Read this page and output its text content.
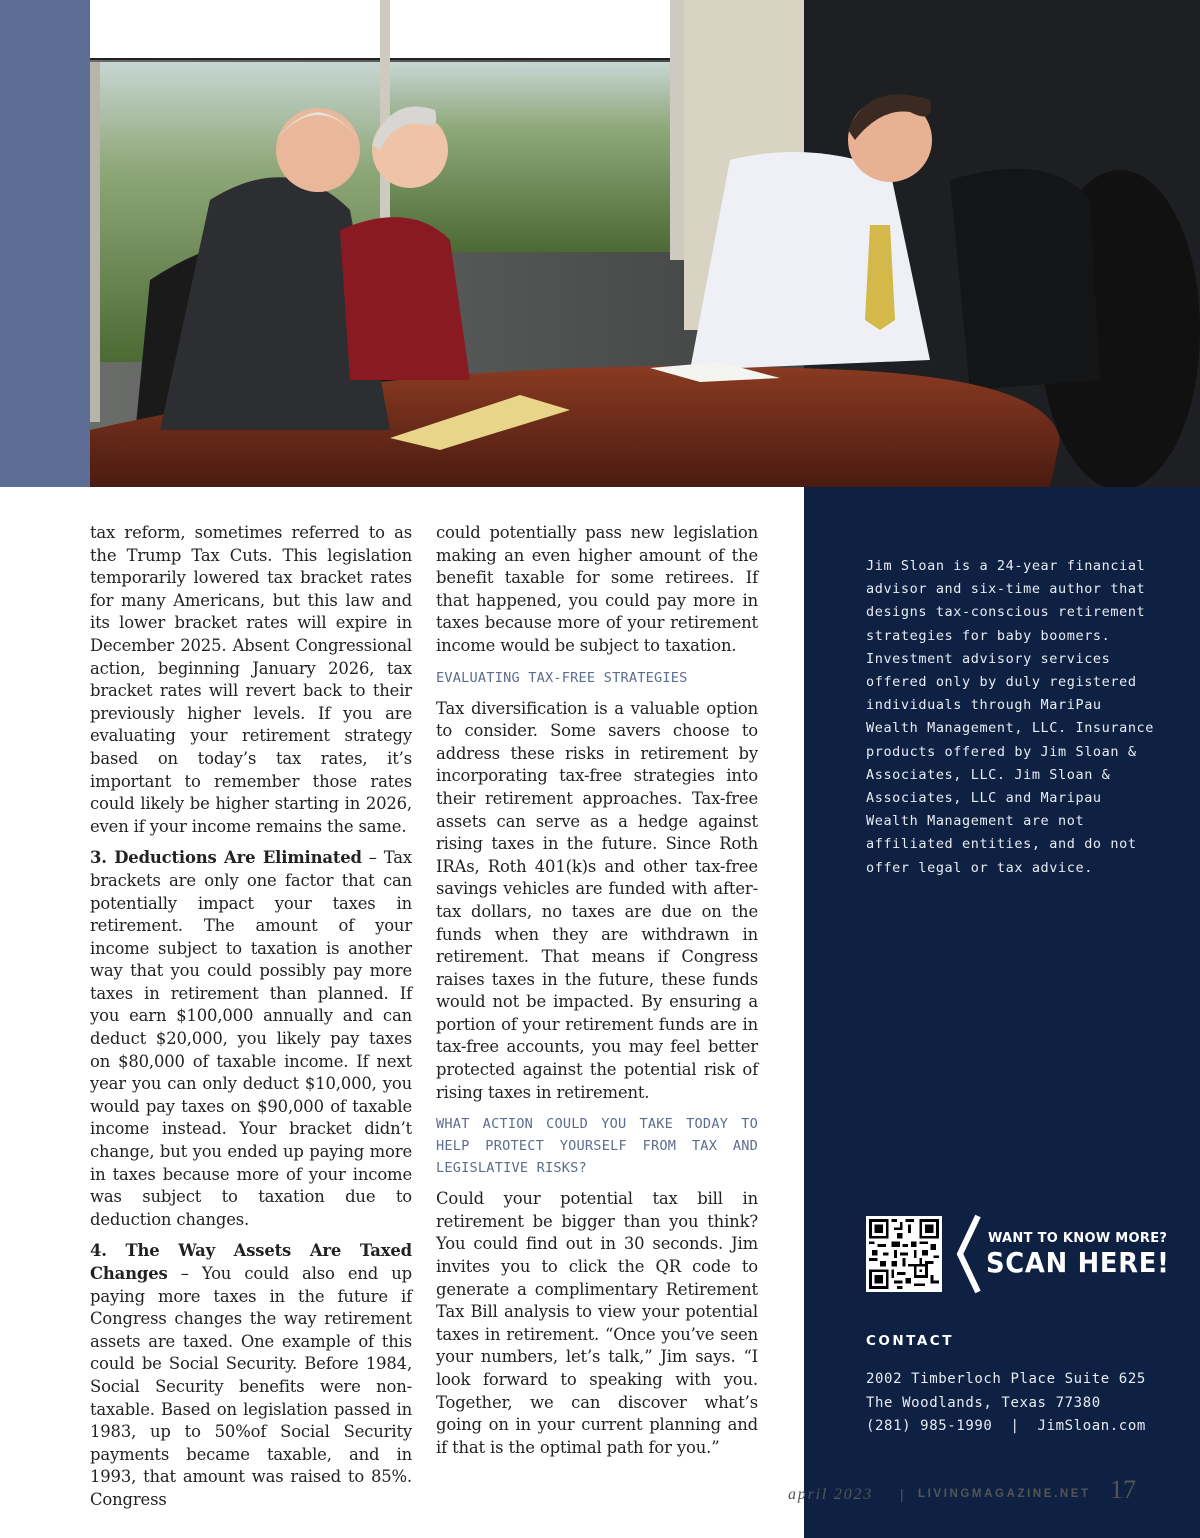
tax reform, sometimes referred to as the Trump Tax Cuts. This legislation temporarily lowered tax bracket rates for many Americans, but this law and its lower bracket rates will expire in December 2025. Absent Congressional action, beginning January 2026, tax bracket rates will revert back to their previously higher levels. If you are evaluating your retirement strategy based on today’s tax rates, it’s important to remember those rates could likely be higher starting in 2026, even if your income remains the same.

3. Deductions Are Eliminated – Tax brackets are only one factor that can potentially impact your taxes in retirement. The amount of your income subject to taxation is another way that you could possibly pay more taxes in retirement than planned. If you earn $100,000 annually and can deduct $20,000, you likely pay taxes on $80,000 of taxable income. If next year you can only deduct $10,000, you would pay taxes on $90,000 of taxable income instead. Your bracket didn’t change, but you ended up paying more in taxes because more of your income was subject to taxation due to deduction changes.

4. The Way Assets Are Taxed Changes – You could also end up paying more taxes in the future if Congress changes the way retirement assets are taxed. One example of this could be Social Security. Before 1984, Social Security benefits were non-taxable. Based on legislation passed in 1983, up to 50%of Social Security payments became taxable, and in 1993, that amount was raised to 85%. Congress

could potentially pass new legislation making an even higher amount of the benefit taxable for some retirees. If that happened, you could pay more in taxes because more of your retirement income would be subject to taxation.

EVALUATING TAX-FREE STRATEGIES

Tax diversification is a valuable option to consider. Some savers choose to address these risks in retirement by incorporating tax-free strategies into their retirement approaches. Tax-free assets can serve as a hedge against rising taxes in the future. Since Roth IRAs, Roth 401(k)s and other tax-free savings vehicles are funded with after-tax dollars, no taxes are due on the funds when they are withdrawn in retirement. That means if Congress raises taxes in the future, these funds would not be impacted. By ensuring a portion of your retirement funds are in tax-free accounts, you may feel better protected against the potential risk of rising taxes in retirement.

WHAT ACTION COULD YOU TAKE TODAY TO HELP PROTECT YOURSELF FROM TAX AND LEGISLATIVE RISKS?

Could your potential tax bill in retirement be bigger than you think? You could find out in 30 seconds. Jim invites you to click the QR code to generate a complimentary Retirement Tax Bill analysis to view your potential taxes in retirement. “Once you’ve seen your numbers, let’s talk,” Jim says. “I look forward to speaking with you. Together, we can discover what’s going on in your current planning and if that is the optimal path for you.”

Jim Sloan is a 24-year financial advisor and six-time author that designs tax-conscious retirement strategies for baby boomers. Investment advisory services offered only by duly registered individuals through MariPau Wealth Management, LLC. Insurance products offered by Jim Sloan & Associates, LLC. Jim Sloan & Associates, LLC and Maripau Wealth Management are not affiliated entities, and do not offer legal or tax advice.
WANT TO KNOW MORE?
SCAN HERE!
CONTACT
2002 Timberloch Place Suite 625
The Woodlands, Texas 77380
(281) 985-1990  |  JimSloan.com
april 2023 | LIVINGMAGAZINE.NET 17
